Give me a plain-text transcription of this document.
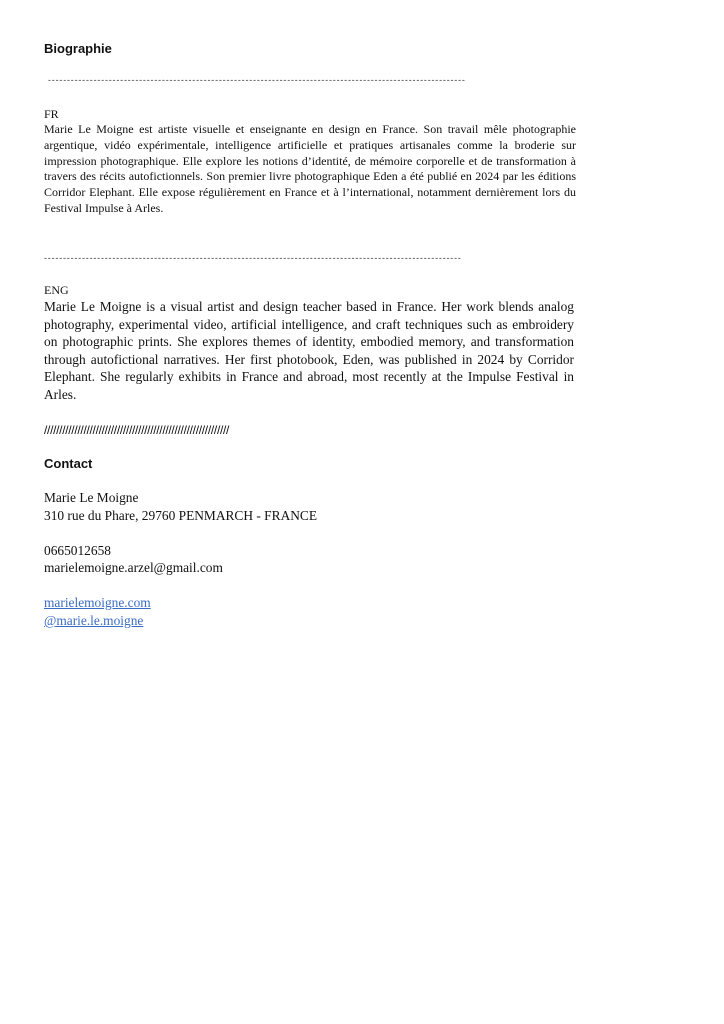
Biographie
--------------------------------------------------------------------------------------------------------------
FR
Marie Le Moigne est artiste visuelle et enseignante en design en France. Son travail mêle photographie argentique, vidéo expérimentale, intelligence artificielle et pratiques artisanales comme la broderie sur impression photographique. Elle explore les notions d’identité, de mémoire corporelle et de transformation à travers des récits autofictionnels. Son premier livre photographique Eden a été publié en 2024 par les éditions Corridor Elephant. Elle expose régulièrement en France et à l’international, notamment dernièrement lors du Festival Impulse à Arles.
--------------------------------------------------------------------------------------------------------------
ENG
Marie Le Moigne is a visual artist and design teacher based in France. Her work blends analog photography, experimental video, artificial intelligence, and craft techniques such as embroidery on photographic prints. She explores themes of identity, embodied memory, and transformation through autofictional narratives. Her first photobook, Eden, was published in 2024 by Corridor Elephant. She regularly exhibits in France and abroad, most recently at the Impulse Festival in Arles.
/////////////////////////////////////////////////////////////
Contact
Marie Le Moigne
310 rue du Phare, 29760 PENMARCH - FRANCE
0665012658
marielemoigne.arzel@gmail.com
marielemoigne.com
@marie.le.moigne
